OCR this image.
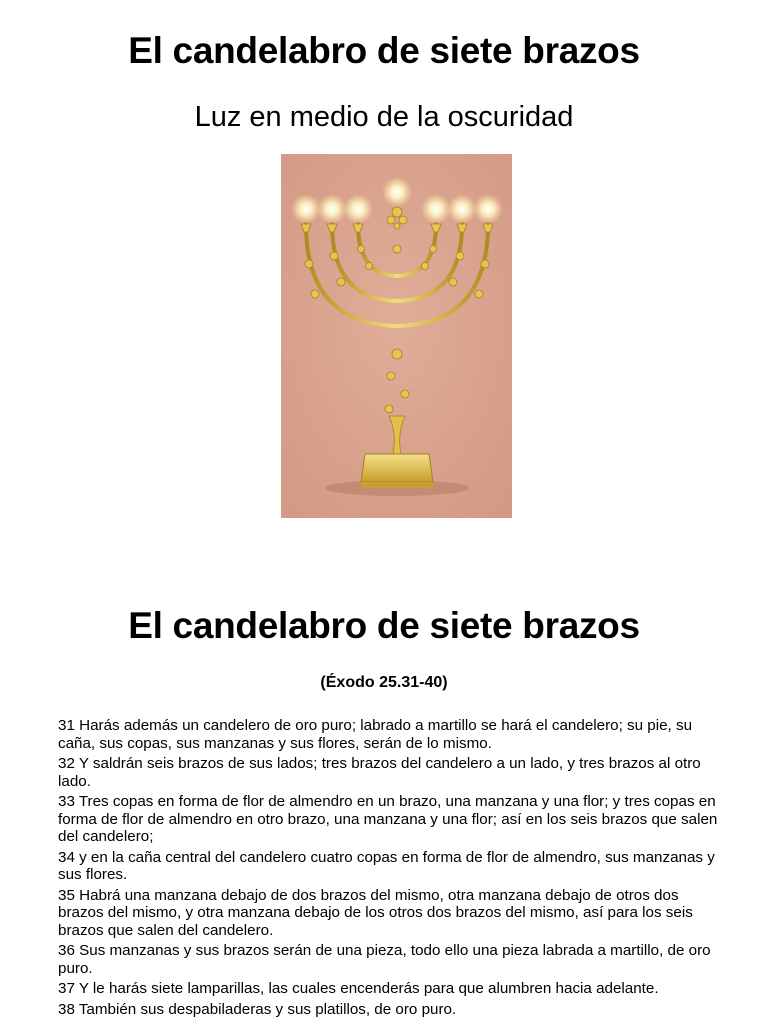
El candelabro de siete brazos
Luz en medio de la oscuridad
El candelabro de siete brazos
(Éxodo 25.31-40)
31 Harás además un candelero de oro puro; labrado a martillo se hará el candelero; su pie, su caña, sus copas, sus manzanas y sus flores, serán de lo mismo.
32 Y saldrán seis brazos de sus lados; tres brazos del candelero a un lado, y tres brazos al otro lado.
33 Tres copas en forma de flor de almendro en un brazo, una manzana y una flor; y tres copas en forma de flor de almendro en otro brazo, una manzana y una flor; así en los seis brazos que salen del candelero;
34 y en la caña central del candelero cuatro copas en forma de flor de almendro, sus manzanas y sus flores.
35 Habrá una manzana debajo de dos brazos del mismo, otra manzana debajo de otros dos brazos del mismo, y otra manzana debajo de los otros dos brazos del mismo, así para los seis brazos que salen del candelero.
36 Sus manzanas y sus brazos serán de una pieza, todo ello una pieza labrada a martillo, de oro puro.
37 Y le harás siete lamparillas, las cuales encenderás para que alumbren hacia adelante.
38 También sus despabiladeras y sus platillos, de oro puro.
